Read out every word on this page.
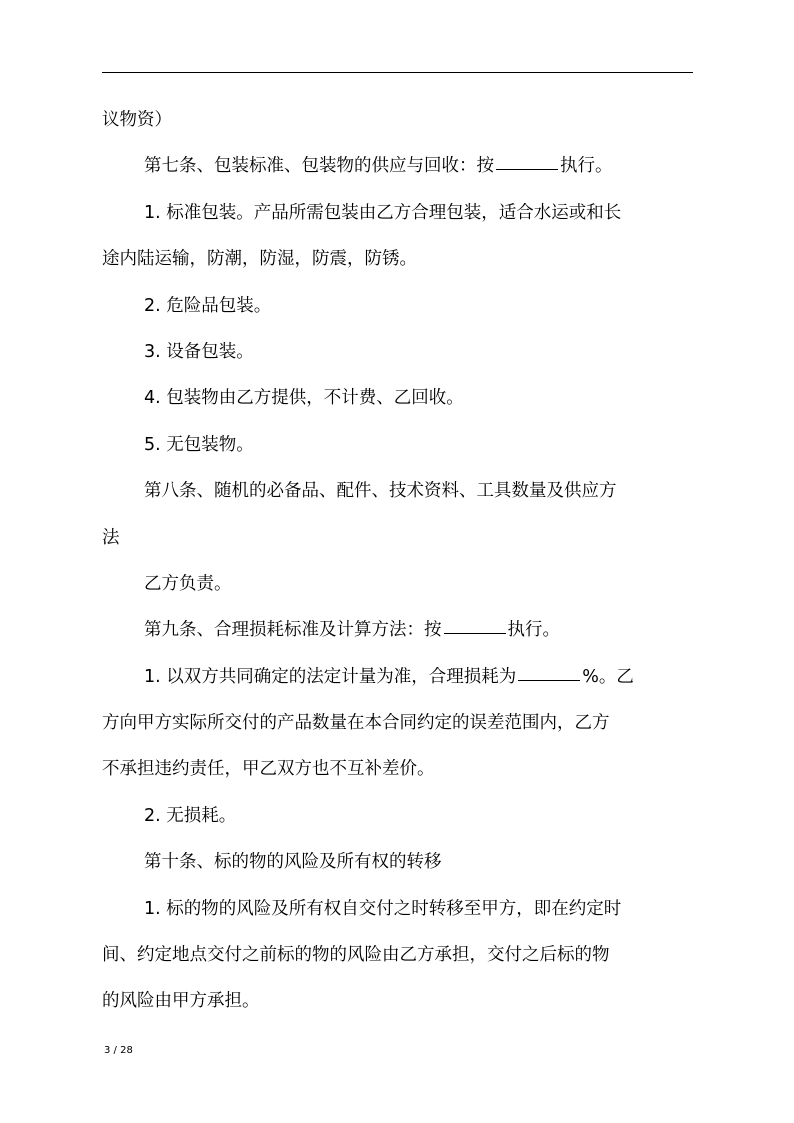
议物资）

第七条、包装标准、包装物的供应与回收：按	执行。

1. 标准包装。产品所需包装由乙方合理包装，适合水运或和长

途内陆运输，防潮，防湿，防震，防锈。

2. 危险品包装。

3. 设备包装。

4. 包装物由乙方提供，不计费、乙回收。

5. 无包装物。

第八条、随机的必备品、配件、技术资料、工具数量及供应方

法

乙方负责。

第九条、合理损耗标准及计算方法：按	执行。

1. 以双方共同确定的法定计量为准，合理损耗为	%。乙

方向甲方实际所交付的产品数量在本合同约定的误差范围内，乙方

不承担违约责任，甲乙双方也不互补差价。

2. 无损耗。

第十条、标的物的风险及所有权的转移

1. 标的物的风险及所有权自交付之时转移至甲方，即在约定时

间、约定地点交付之前标的物的风险由乙方承担，交付之后标的物

的风险由甲方承担。

3 / 28
